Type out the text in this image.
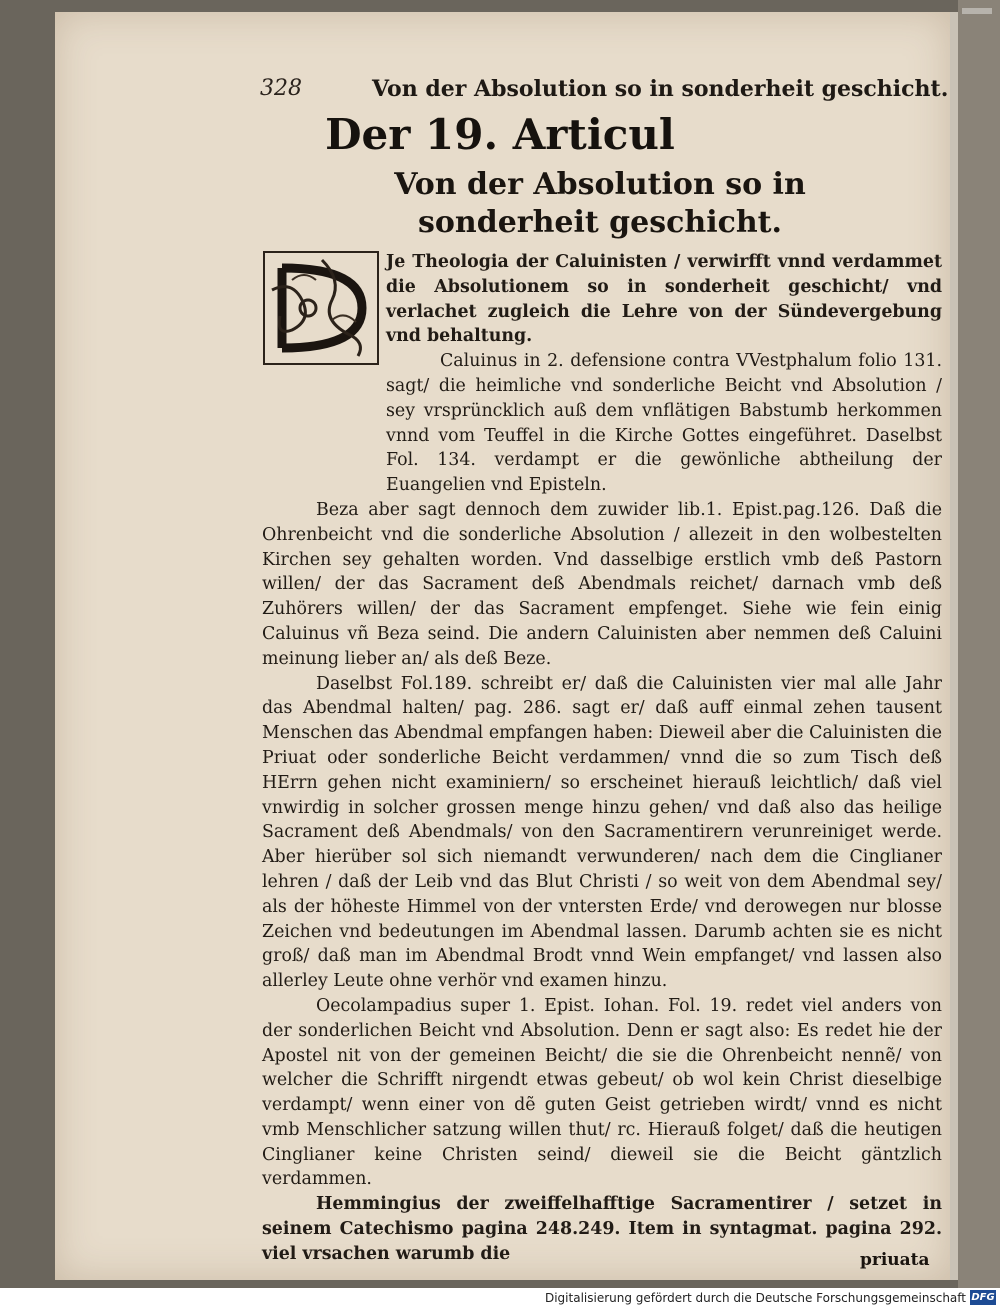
328	Von der Absolution so in sonderheit geschicht.
Der 19. Articul
Von der Absolution so in sonderheit geschicht.

Je Theologia der Caluinisten / verwirfft vnnd verdammet die Absolutionem so in sonderheit geschicht/ vnd verlachet zugleich die Lehre von der Sündevergebung vnd behaltung.

Caluinus in 2. defensione contra VVestphalum folio 131. sagt/ die heimliche vnd sonderliche Beicht vnd Absolution / sey vrsprüncklich auß dem vnflätigen Babstumb herkommen vnnd vom Teuffel in die Kirche Gottes eingeführet. Daselbst Fol. 134. verdampt er die gewönliche abtheilung der Euangelien vnd Episteln.

Beza aber sagt dennoch dem zuwider lib.1. Epist.pag.126. Daß die Ohrenbeicht vnd die sonderliche Absolution / allezeit in den wolbestelten Kirchen sey gehalten worden. Vnd dasselbige erstlich vmb deß Pastorn willen/ der das Sacrament deß Abendmals reichet/ darnach vmb deß Zuhörers willen/ der das Sacrament empfenget. Siehe wie fein einig Caluinus vñ Beza seind. Die andern Caluinisten aber nemmen deß Caluini meinung lieber an/ als deß Beze.

Daselbst Fol.189. schreibt er/ daß die Caluinisten vier mal alle Jahr das Abendmal halten/ pag. 286. sagt er/ daß auff einmal zehen tausent Menschen das Abendmal empfangen haben: Dieweil aber die Caluinisten die Priuat oder sonderliche Beicht verdammen/ vnnd die so zum Tisch deß HErrn gehen nicht examiniern/ so erscheinet hierauß leichtlich/ daß viel vnwirdig in solcher grossen menge hinzu gehen/ vnd daß also das heilige Sacrament deß Abendmals/ von den Sacramentirern verunreiniget werde. Aber hierüber sol sich niemandt verwunderen/ nach dem die Cinglianer lehren / daß der Leib vnd das Blut Christi / so weit von dem Abendmal sey/ als der höheste Himmel von der vntersten Erde/ vnd derowegen nur blosse Zeichen vnd bedeutungen im Abendmal lassen. Darumb achten sie es nicht groß/ daß man im Abendmal Brodt vnnd Wein empfanget/ vnd lassen also allerley Leute ohne verhör vnd examen hinzu.

Oecolampadius super 1. Epist. Iohan. Fol. 19. redet viel anders von der sonderlichen Beicht vnd Absolution. Denn er sagt also: Es redet hie der Apostel nit von der gemeinen Beicht/ die sie die Ohrenbeicht nennẽ/ von welcher die Schrifft nirgendt etwas gebeut/ ob wol kein Christ dieselbige verdampt/ wenn einer von dẽ guten Geist getrieben wirdt/ vnnd es nicht vmb Menschlicher satzung willen thut/ rc. Hierauß folget/ daß die heutigen Cinglianer keine Christen seind/ dieweil sie die Beicht gäntzlich verdammen.

Hemmingius der zweiffelhafftige Sacramentirer / setzet in seinem Catechismo pagina 248.249. Item in syntagmat. pagina 292. viel vrsachen warumb die	priuata
Digitalisierung gefördert durch die Deutsche Forschungsgemeinschaft DFG
